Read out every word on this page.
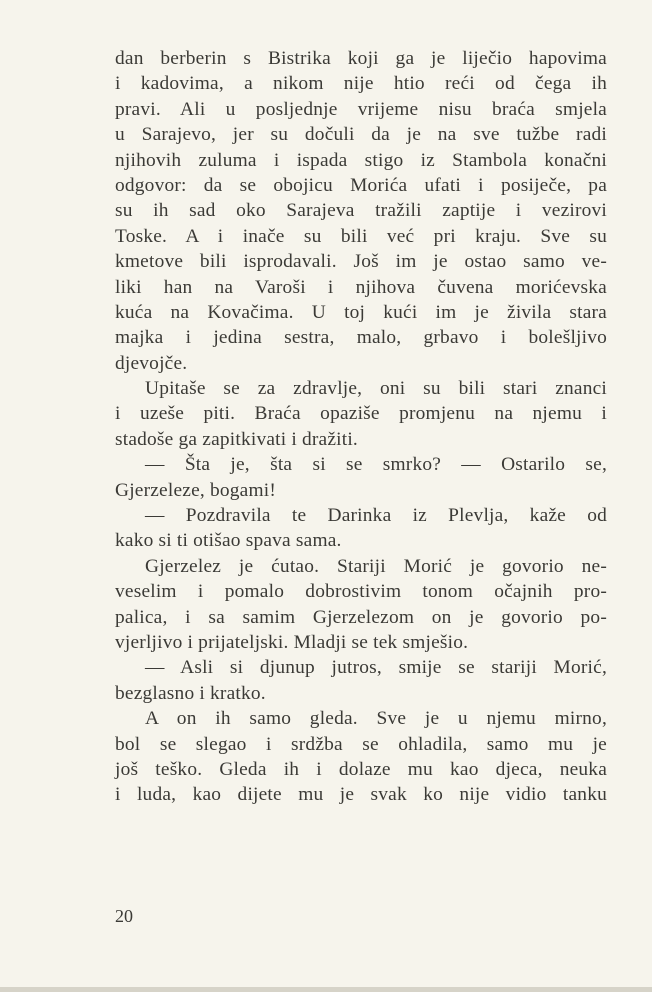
dan berberin s Bistrika koji ga je liječio hapovima
i kadovima, a nikom nije htio reći od čega ih
pravi. Ali u posljednje vrijeme nisu braća smjela
u Sarajevo, jer su dočuli da je na sve tužbe radi
njihovih zuluma i ispada stigo iz Stambola konačni
odgovor: da se obojicu Morića ufati i posiječe, pa
su ih sad oko Sarajeva tražili zaptije i vezirovi
Toske. A i inače su bili već pri kraju. Sve su
kmetove bili isprodavali. Još im je ostao samo ve-
liki han na Varoši i njihova čuvena morićevska
kuća na Kovačima. U toj kući im je živila stara
majka i jedina sestra, malo, grbavo i bolešljivo
djevojče.
Upitaše se za zdravlje, oni su bili stari znanci
i uzeše piti. Braća opaziše promjenu na njemu i
stadoše ga zapitkivati i dražiti.
— Šta je, šta si se smrko? — Ostarilo se,
Gjerzeleze, bogami!
— Pozdravila te Darinka iz Plevlja, kaže od
kako si ti otišao spava sama.
Gjerzelez je ćutao. Stariji Morić je govorio ne-
veselim i pomalo dobrostivim tonom očajnih pro-
palica, i sa samim Gjerzelezom on je govorio po-
vjerljivo i prijateljski. Mladji se tek smješio.
— Asli si djunup jutros, smije se stariji Morić,
bezglasno i kratko.
A on ih samo gleda. Sve je u njemu mirno,
bol se slegao i srdžba se ohladila, samo mu je
još teško. Gleda ih i dolaze mu kao djeca, neuka
i luda, kao dijete mu je svak ko nije vidio tanku
20
